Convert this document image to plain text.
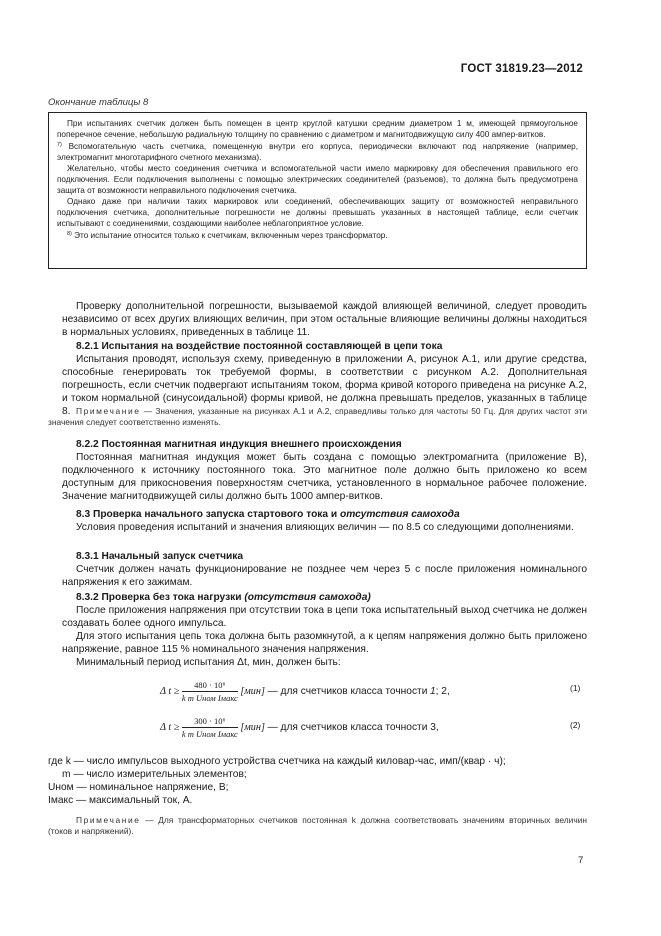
ГОСТ 31819.23—2012
Окончание таблицы 8

При испытаниях счетчик должен быть помещен в центр круглой катушки средним диаметром 1 м, имеющей прямоугольное поперечное сечение, небольшую радиальную толщину по сравнению с диаметром и магнитодвижущую силу 400 ампер-витков.

$^{7)}$ Вспомогательную часть счетчика, помещенную внутри его корпуса, периодически включают под напряжение (например, электромагнит многотарифного счетного механизма).

Желательно, чтобы место соединения счетчика и вспомогательной части имело маркировку для обеспечения правильного его подключения. Если подключения выполнены с помощью электрических соединителей (разъемов), то должна быть предусмотрена защита от возможности неправильного подключения счетчика.

Однако даже при наличии таких маркировок или соединений, обеспечивающих защиту от возможностей неправильного подключения счетчика, дополнительные погрешности не должны превышать указанных в настоящей таблице, если счетчик испытывают с соединениями, создающими наиболее неблагоприятное условие.

$^{8)}$ Это испытание относится только к счетчикам, включенным через трансформатор.

Проверку дополнительной погрешности, вызываемой каждой влияющей величиной, следует проводить независимо от всех других влияющих величин, при этом остальные влияющие величины должны находиться в нормальных условиях, приведенных в таблице 11.

8.2.1 Испытания на воздействие постоянной составляющей в цепи тока

Испытания проводят, используя схему, приведенную в приложении А, рисунок А.1, или другие средства, способные генерировать ток требуемой формы, в соответствии с рисунком А.2. Дополнительная погрешность, если счетчик подвергают испытаниям током, форма кривой которого приведена на рисунке А.2, и током нормальной (синусоидальной) формы кривой, не должна превышать пределов, указанных в таблице 8. Примечание — Значения, указанные на рисунках А.1 и А.2, справедливы только для частоты 50 Гц. Для других частот эти значения следует соответственно изменять.

8.2.2 Постоянная магнитная индукция внешнего происхождения

Постоянная магнитная индукция может быть создана с помощью электромагнита (приложение В), подключенного к источнику постоянного тока. Это магнитное поле должно быть приложено ко всем доступным для прикосновения поверхностям счетчика, установленного в нормальное рабочее положение. Значение магнитодвижущей силы должно быть 1000 ампер-витков.

8.3 Проверка начального запуска стартового тока и отсутствия самохода

Условия проведения испытаний и значения влияющих величин — по 8.5 со следующими дополнениями.

8.3.1 Начальный запуск счетчика

Счетчик должен начать функционирование не позднее чем через 5 с после приложения номинального напряжения к его зажимам.

8.3.2 Проверка без тока нагрузки (отсутствия самохода)

После приложения напряжения при отсутствии тока в цепи тока испытательный выход счетчика не должен создавать более одного импульса.

Для этого испытания цепь тока должна быть разомкнутой, а к цепям напряжения должно быть приложено напряжение, равное 115 % номинального значения напряжения.

Минимальный период испытания Δt, мин, должен быть:

Δ $t \ge \frac{\text{480 · 10⁶}}{\text{k m Uном Iмакс}} [мин]$ — для счетчиков класса точности 1; 2,	(1)
Δ $t \ge \frac{\text{300 · 10⁶}}{\text{k m Uном Iмакс}} [мин]$ — для счетчиков класса точности 3,	(2)

где k — число импульсов выходного устройства счетчика на каждый киловар-час, имп/(квар · ч);

m — число измерительных элементов;

Uном — номинальное напряжение, В;

Iмакс — максимальный ток, А.

Примечание — Для трансформаторных счетчиков постоянная k должна соответствовать значениям вторичных величин (токов и напряжений).

7
